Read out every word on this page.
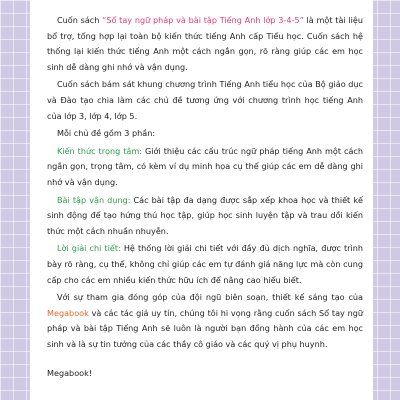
Cuốn sách “Sổ tay ngữ pháp và bài tập Tiếng Anh lớp 3-4-5” là một tài liệu bổ trợ, tổng hợp lại toàn bộ kiến thức tiếng Anh cấp Tiểu học. Cuốn sách hệ thống lại kiến thức tiếng Anh một cách ngắn gọn, rõ ràng giúp các em học sinh dễ dàng ghi nhớ và vận dụng.

Cuốn sách bám sát khung chương trình Tiếng Anh tiểu học của Bộ giáo dục và Đào tạo chia làm các chủ đề tương ứng với chương trình học tiếng Anh của lớp 3, lớp 4, lớp 5.

Mỗi chủ đề gồm 3 phần:

Kiến thức trọng tâm: Giới thiệu các cấu trúc ngữ pháp tiếng Anh một cách ngắn gọn, trọng tâm, có kèm ví dụ minh họa cụ thể giúp các em dễ dàng ghi nhớ và vận dụng.

Bài tập vận dụng: Các bài tập đa dạng được sắp xếp khoa học và thiết kế sinh động để tạo hứng thú học tập, giúp học sinh luyện tập và trau dồi kiến thức một cách nhuần nhuyễn.

Lời giải chi tiết: Hệ thống lời giải chi tiết với đầy đủ dịch nghĩa, được trình bày rõ ràng, cụ thể, không chỉ giúp các em tự đánh giá năng lực mà còn cung cấp cho các em nhiều kiến thức hữu ích để nâng cao hiểu biết.

Với sự tham gia đóng góp của đội ngũ biên soạn, thiết kế sáng tạo của Megabook và các tác giả uy tín, chúng tôi hi vọng rằng cuốn sách Sổ tay ngữ pháp và bài tập Tiếng Anh sẽ luôn là người bạn đồng hành của các em học sinh và là sự tin tưởng của các thầy cô giáo và các quý vị phụ huynh.

Megabook!
